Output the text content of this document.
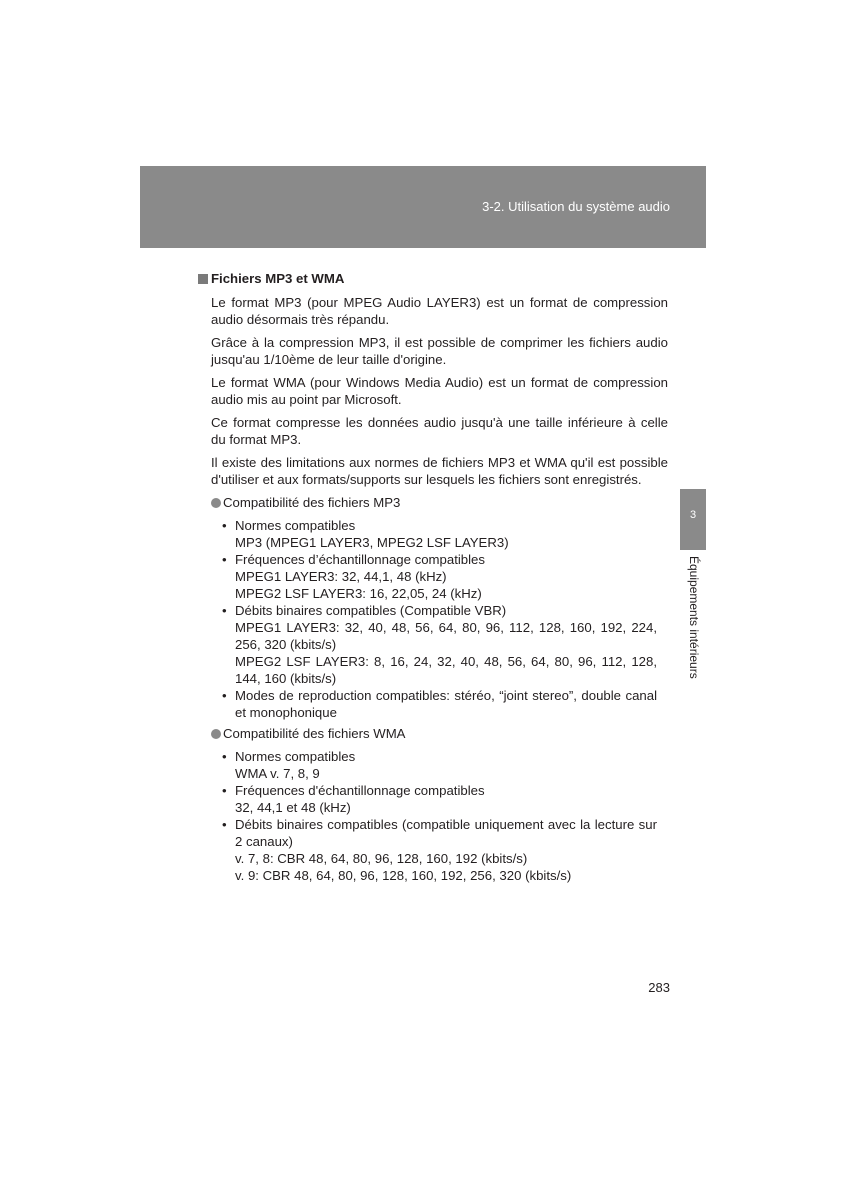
3-2. Utilisation du système audio
3
Équipements intérieurs
Fichiers MP3 et WMA

Le format MP3 (pour MPEG Audio LAYER3) est un format de compression audio désormais très répandu.

Grâce à la compression MP3, il est possible de comprimer les fichiers audio jusqu'au 1/10ème de leur taille d'origine.

Le format WMA (pour Windows Media Audio) est un format de compression audio mis au point par Microsoft.

Ce format compresse les données audio jusqu'à une taille inférieure à celle du format MP3.

Il existe des limitations aux normes de fichiers MP3 et WMA qu'il est possible d'utiliser et aux formats/supports sur lesquels les fichiers sont enregistrés.

Compatibilité des fichiers MP3
• Normes compatibles
MP3 (MPEG1 LAYER3, MPEG2 LSF LAYER3)
• Fréquences d’échantillonnage compatibles
MPEG1 LAYER3: 32, 44,1, 48 (kHz)
MPEG2 LSF LAYER3: 16, 22,05, 24 (kHz)
• Débits binaires compatibles (Compatible VBR)
MPEG1 LAYER3: 32, 40, 48, 56, 64, 80, 96, 112, 128, 160, 192, 224, 256, 320 (kbits/s)
MPEG2 LSF LAYER3: 8, 16, 24, 32, 40, 48, 56, 64, 80, 96, 112, 128, 144, 160 (kbits/s)
• Modes de reproduction compatibles: stéréo, “joint stereo”, double canal et monophonique
Compatibilité des fichiers WMA
• Normes compatibles
WMA v. 7, 8, 9
• Fréquences d'échantillonnage compatibles
32, 44,1 et 48 (kHz)
• Débits binaires compatibles (compatible uniquement avec la lecture sur 2 canaux)
v. 7, 8: CBR 48, 64, 80, 96, 128, 160, 192 (kbits/s)
v. 9: CBR 48, 64, 80, 96, 128, 160, 192, 256, 320 (kbits/s)
283
